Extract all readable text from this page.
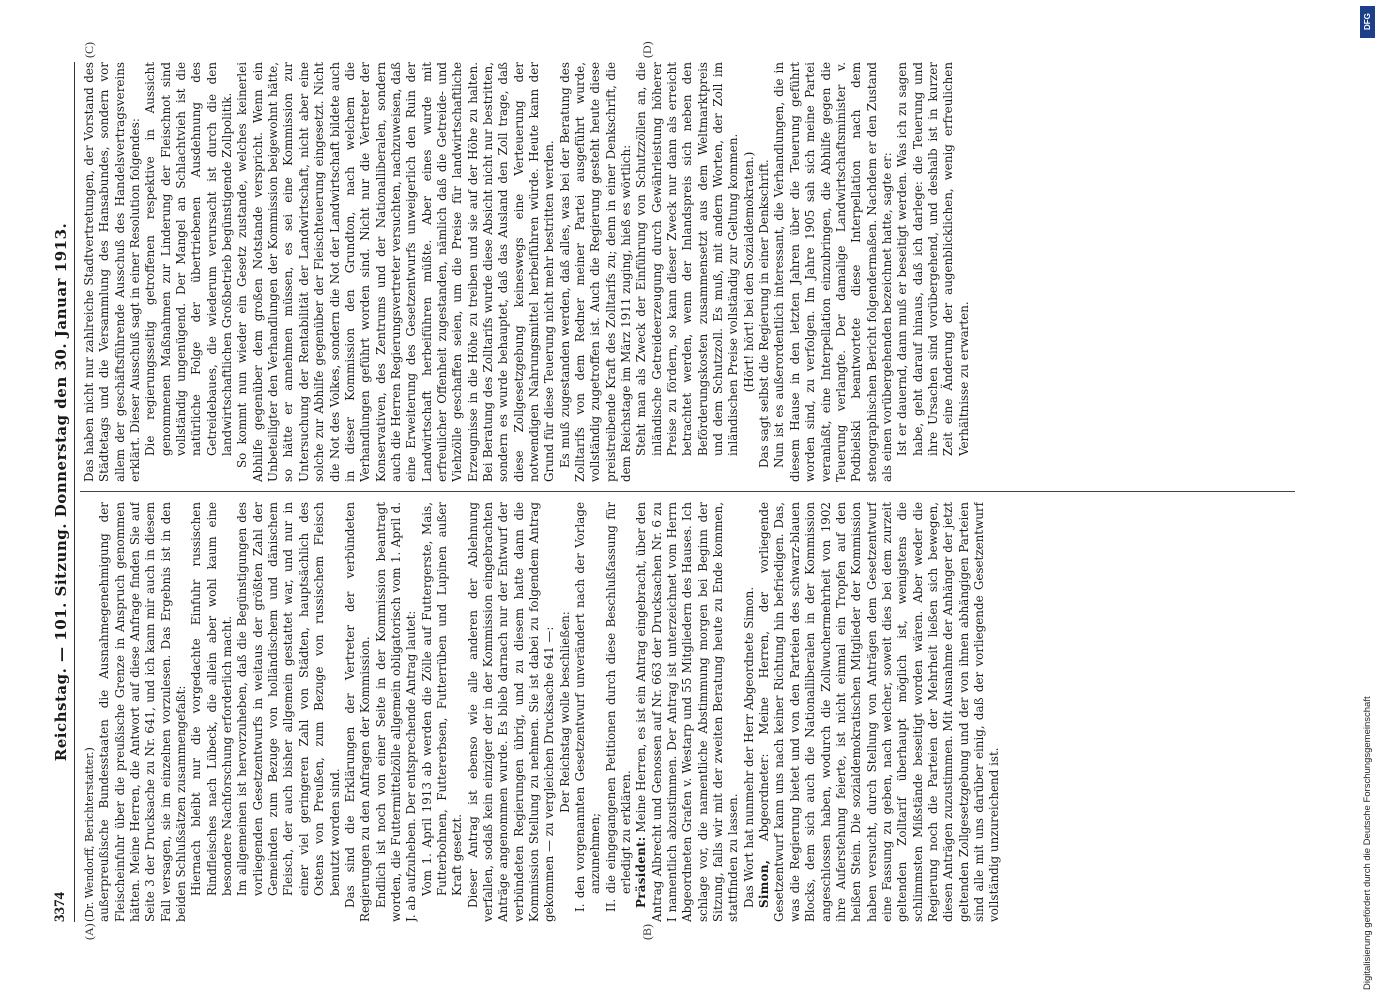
DFG
Digitalisierung gefördert durch die Deutsche Forschungsgemeinschaft
3374
Reichstag. — 101. Sitzung. Donnerstag den 30. Januar 1913.
(A)	(B)
(C)	(D)

(Dr. Wendorff, Berichterstatter.) außerpreußische Bundesstaaten die Ausnahmegenehmigung der Fleischeinfuhr über die preußische Grenze in Anspruch genommen hätten. Meine Herren, die Antwort auf diese Anfrage finden Sie auf Seite 3 der Drucksache zu Nr. 641, und ich kann mir auch in diesem Fall versagen, sie im einzelnen vorzulesen. Das Ergebnis ist in den beiden Schlußsätzen zusammengefaßt: Hiernach bleibt nur die vorgedachte Einfuhr russischen Rindfleisches nach Lübeck, die allein aber wohl kaum eine besondere Nachforschung erforderlich macht. Im allgemeinen ist hervorzuheben, daß die Begünstigungen des vorliegenden Gesetzentwurfs in weitaus der größten Zahl der Gemeinden zum Bezuge von holländischem und dänischem Fleisch, der auch bisher allgemein gestattet war, und nur in einer viel geringeren Zahl von Städten, hauptsächlich des Ostens von Preußen, zum Bezuge von russischem Fleisch benutzt worden sind. Das sind die Erklärungen der Vertreter der verbündeten Regierungen zu den Anfragen der Kommission. Endlich ist noch von einer Seite in der Kommission beantragt worden, die Futtermittelzölle allgemein obligatorisch vom 1. April d. J. ab aufzuheben. Der entsprechende Antrag lautet: Vom 1. April 1913 ab werden die Zölle auf Futtergerste, Mais, Futterbohnen, Futtererbsen, Futterrüben und Lupinen außer Kraft gesetzt. Dieser Antrag ist ebenso wie alle anderen der Ablehnung verfallen, sodaß kein einziger der in der Kommission eingebrachten Anträge angenommen wurde. Es blieb darnach nur der Entwurf der verbündeten Regierungen übrig, und zu diesem hatte dann die Kommission Stellung zu nehmen. Sie ist dabei zu folgendem Antrag gekommen — zu vergleichen Drucksache 641 —: Der Reichstag wolle beschließen: I. den vorgenannten Gesetzentwurf unverändert nach der Vorlage anzunehmen; II. die eingegangenen Petitionen durch diese Beschlußfassung für erledigt zu erklären. Präsident: Meine Herren, es ist ein Antrag eingebracht, über den Antrag Albrecht und Genossen auf Nr. 663 der Drucksachen Nr. 6 zu I namentlich abzustimmen. Der Antrag ist unterzeichnet vom Herrn Abgeordneten Grafen v. Westarp und 55 Mitgliedern des Hauses. Ich schlage vor, die namentliche Abstimmung morgen bei Beginn der Sitzung, falls wir mit der zweiten Beratung heute zu Ende kommen, stattfinden zu lassen. Das Wort hat nunmehr der Herr Abgeordnete Simon. Simon, Abgeordneter: Meine Herren, der vorliegende Gesetzentwurf kann uns nach keiner Richtung hin befriedigen. Das, was die Regierung bietet und von den Parteien des schwarz-blauen Blocks, dem sich auch die Nationalliberalen in der Kommission angeschlossen haben, wodurch die Zollwuchermehrheit von 1902 ihre Auferstehung feierte, ist nicht einmal ein Tropfen auf den heißen Stein. Die sozialdemokratischen Mitglieder der Kommission haben versucht, durch Stellung von Anträgen dem Gesetzentwurf eine Fassung zu geben, nach welcher, soweit dies bei dem zurzeit geltenden Zolltarif überhaupt möglich ist, wenigstens die schlimmsten Mißstände beseitigt worden wären. Aber weder die Regierung noch die Parteien der Mehrheit ließen sich bewegen, diesen Anträgen zuzustimmen. Mit Ausnahme der Anhänger der jetzt geltenden Zollgesetzgebung und der von ihnen abhängigen Parteien sind alle mit uns darüber einig, daß der vorliegende Gesetzentwurf vollständig unzureichend ist.

Das haben nicht nur zahlreiche Stadtvertretungen, der Vorstand des Städtetags und die Versammlung des Hansabundes, sondern vor allem der geschäftsführende Ausschuß des Handelsvertragsvereins erklärt. Dieser Ausschuß sagt in einer Resolution folgendes: Die regierungsseitig getroffenen respektive in Aussicht genommenen Maßnahmen zur Linderung der Fleischnot sind vollständig ungenügend. Der Mangel an Schlachtvieh ist die natürliche Folge der übertriebenen Ausdehnung des Getreidebaues, die wiederum verursacht ist durch die den landwirtschaftlichen Großbetrieb begünstigende Zollpolitik. So kommt nun wieder ein Gesetz zustande, welches keinerlei Abhilfe gegenüber dem großen Notstande verspricht. Wenn ein Unbeteiligter den Verhandlungen der Kommission beigewohnt hätte, so hätte er annehmen müssen, es sei eine Kommission zur Untersuchung der Rentabilität der Landwirtschaft, nicht aber eine solche zur Abhilfe gegenüber der Fleischteuerung eingesetzt. Nicht die Not des Volkes, sondern die Not der Landwirtschaft bildete auch in dieser Kommission den Grundton, nach welchem die Verhandlungen geführt worden sind. Nicht nur die Vertreter der Konservativen, des Zentrums und der Nationalliberalen, sondern auch die Herren Regierungsvertreter versuchten, nachzuweisen, daß eine Erweiterung des Gesetzentwurfs unweigerlich den Ruin der Landwirtschaft herbeiführen müßte. Aber eines wurde mit erfreulicher Offenheit zugestanden, nämlich daß die Getreide- und Viehzölle geschaffen seien, um die Preise für landwirtschaftliche Erzeugnisse in die Höhe zu treiben und sie auf der Höhe zu halten. Bei Beratung des Zolltarifs wurde diese Absicht nicht nur bestritten, sondern es wurde behauptet, daß das Ausland den Zoll trage, daß diese Zollgesetzgebung keineswegs eine Verteuerung der notwendigen Nahrungsmittel herbeiführen würde. Heute kann der Grund für diese Teuerung nicht mehr bestritten werden. Es muß zugestanden werden, daß alles, was bei der Beratung des Zolltarifs von dem Redner meiner Partei ausgeführt wurde, vollständig zugetroffen ist. Auch die Regierung gesteht heute diese preistreibende Kraft des Zolltarifs zu; denn in einer Denkschrift, die dem Reichstage im März 1911 zuging, hieß es wörtlich: Steht man als Zweck der Einführung von Schutzzöllen an, die inländische Getreideerzeugung durch Gewährleistung höherer Preise zu fördern, so kann dieser Zweck nur dann als erreicht betrachtet werden, wenn der Inlandspreis sich neben den Beförderungskosten zusammensetzt aus dem Weltmarktpreis und dem Schutzzoll. Es muß, mit andern Worten, der Zoll im inländischen Preise vollständig zur Geltung kommen. (Hört! hört! bei den Sozialdemokraten.) Das sagt selbst die Regierung in einer Denkschrift. Nun ist es außerordentlich interessant, die Verhandlungen, die in diesem Hause in den letzten Jahren über die Teuerung geführt worden sind, zu verfolgen. Im Jahre 1905 sah sich meine Partei veranlaßt, eine Interpellation einzubringen, die Abhilfe gegen die Teuerung verlangte. Der damalige Landwirtschaftsminister v. Podbielski beantwortete diese Interpellation nach dem stenographischen Bericht folgendermaßen. Nachdem er den Zustand als einen vorübergehenden bezeichnet hatte, sagte er: Ist er dauernd, dann muß er beseitigt werden. Was ich zu sagen habe, geht darauf hinaus, daß ich darlege: die Teuerung und ihre Ursachen sind vorübergehend, und deshalb ist in kurzer Zeit eine Änderung der augenblicklichen, wenig erfreulichen Verhältnisse zu erwarten.
